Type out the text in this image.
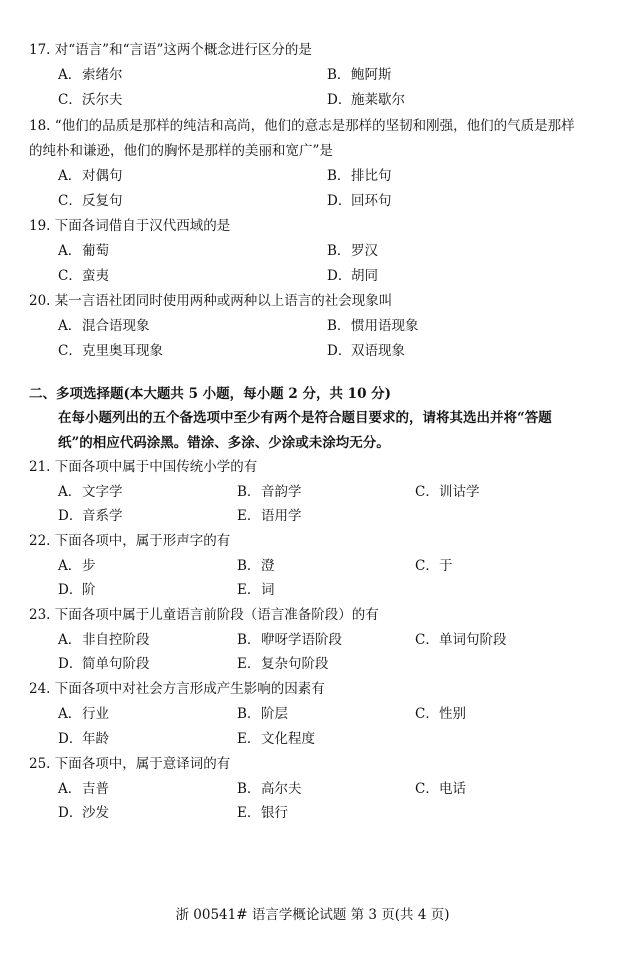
17. 对“语言”和“言语”这两个概念进行区分的是
A．索绪尔	B．鲍阿斯
C．沃尔夫	D．施莱歇尔
18. “他们的品质是那样的纯洁和高尚，他们的意志是那样的坚韧和刚强，他们的气质是那样
的纯朴和谦逊，他们的胸怀是那样的美丽和宽广”是
A．对偶句	B．排比句
C．反复句	D．回环句
19. 下面各词借自于汉代西域的是
A．葡萄	B．罗汉
C．蛮夷	D．胡同
20. 某一言语社团同时使用两种或两种以上语言的社会现象叫
A．混合语现象	B．惯用语现象
C．克里奥耳现象	D．双语现象
二、多项选择题(本大题共 5 小题，每小题 2 分，共 10 分)
在每小题列出的五个备选项中至少有两个是符合题目要求的，请将其选出并将“答题
纸”的相应代码涂黑。错涂、多涂、少涂或未涂均无分。
21. 下面各项中属于中国传统小学的有
A．文字学	B．音韵学	C．训诂学
D．音系学	E．语用学
22. 下面各项中，属于形声字的有
A．步	B．澄	C．于
D．阶	E．词
23. 下面各项中属于儿童语言前阶段（语言准备阶段）的有
A．非自控阶段	B．咿呀学语阶段	C．单词句阶段
D．简单句阶段	E．复杂句阶段
24. 下面各项中对社会方言形成产生影响的因素有
A．行业	B．阶层	C．性别
D．年龄	E．文化程度
25. 下面各项中，属于意译词的有
A．吉普	B．高尔夫	C．电话
D．沙发	E．银行
浙 00541# 语言学概论试题 第 3 页(共 4 页)
